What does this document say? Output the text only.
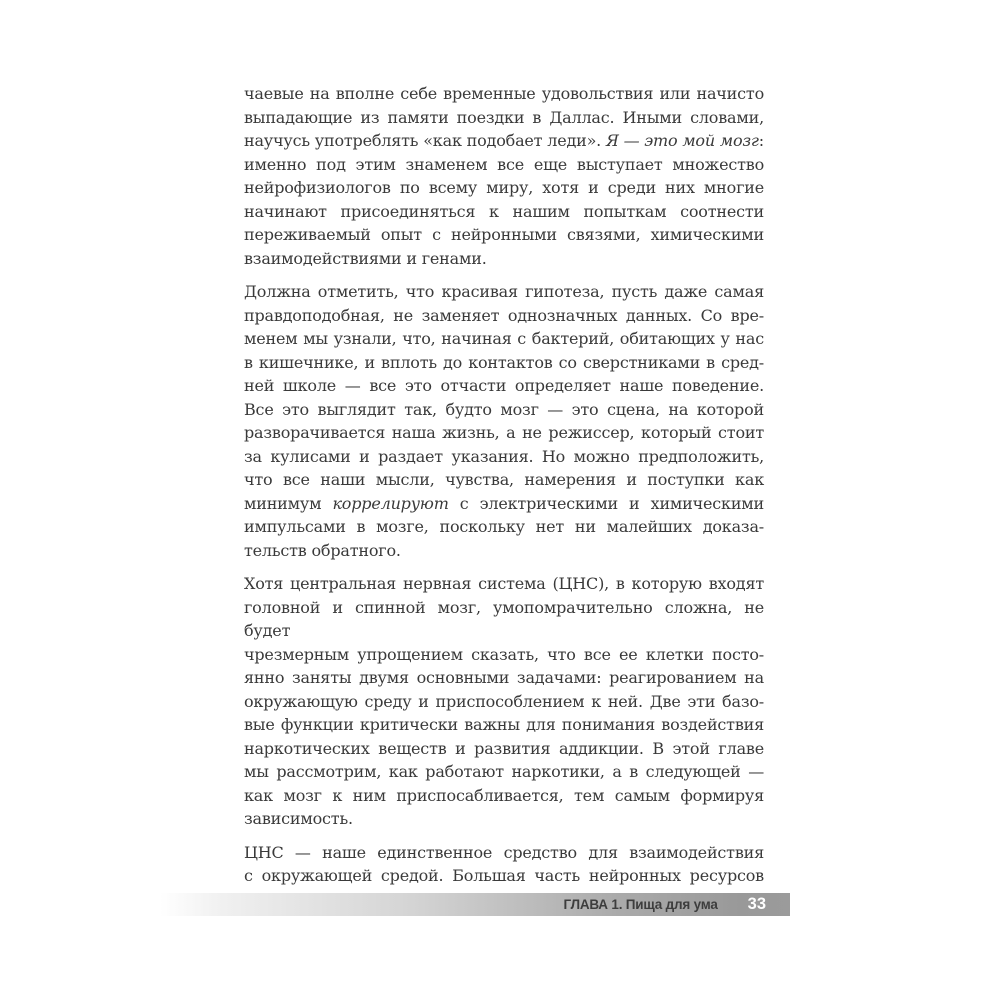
чаевые на вполне себе временные удовольствия или начисто
выпадающие из памяти поездки в Даллас. Иными словами,
научусь употреблять «как подобает леди». Я — это мой мозг:
именно под этим знаменем все еще выступает множество
нейрофизиологов по всему миру, хотя и среди них многие
начинают присоединяться к нашим попыткам соотнести
переживаемый опыт с нейронными связями, химическими
взаимодействиями и генами.

Должна отметить, что красивая гипотеза, пусть даже самая
правдоподобная, не заменяет однозначных данных. Со вре-
менем мы узнали, что, начиная с бактерий, обитающих у нас
в кишечнике, и вплоть до контактов со сверстниками в сред-
ней школе — все это отчасти определяет наше поведение.
Все это выглядит так, будто мозг — это сцена, на которой
разворачивается наша жизнь, а не режиссер, который стоит
за кулисами и раздает указания. Но можно предположить,
что все наши мысли, чувства, намерения и поступки как
минимум коррелируют с электрическими и химическими
импульсами в мозге, поскольку нет ни малейших доказа-
тельств обратного.

Хотя центральная нервная система (ЦНС), в которую входят
головной и спинной мозг, умопомрачительно сложна, не будет
чрезмерным упрощением сказать, что все ее клетки посто-
янно заняты двумя основными задачами: реагированием на
окружающую среду и приспособлением к ней. Две эти базо-
вые функции критически важны для понимания воздействия
наркотических веществ и развития аддикции. В этой главе
мы рассмотрим, как работают наркотики, а в следующей —
как мозг к ним приспосабливается, тем самым формируя
зависимость.

ЦНС — наше единственное средство для взаимодействия
с окружающей средой. Большая часть нейронных ресурсов

ГЛАВА 1. Пища для ума 33
